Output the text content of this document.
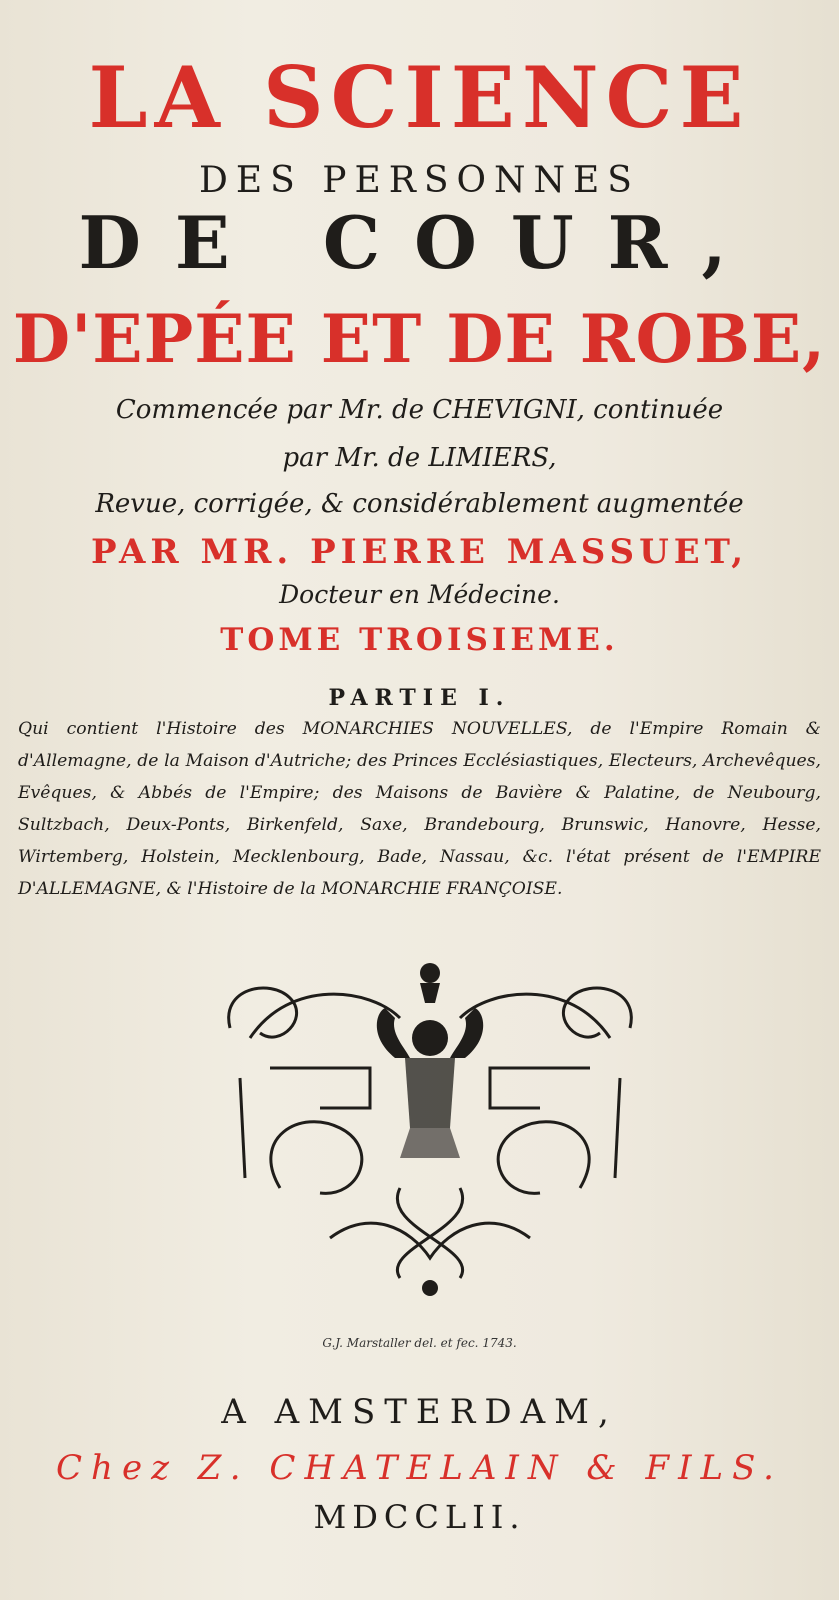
LA SCIENCE
DES PERSONNES
DE COUR,
D'EPÉE ET DE ROBE,
Commencée par Mr. de CHEVIGNI, continuée
par Mr. de LIMIERS,
Revue, corrigée, & considérablement augmentée
PAR MR. PIERRE MASSUET,
Docteur en Médecine.
TOME TROISIEME.
PARTIE I.
Qui contient l'Histoire des MONARCHIES NOUVELLES, de l'Empire Romain & d'Allemagne, de la Maison d'Autriche; des Princes Ecclésiastiques, Electeurs, Archevêques, Evêques, & Abbés de l'Empire; des Maisons de Bavière & Palatine, de Neubourg, Sultzbach, Deux-Ponts, Birkenfeld, Saxe, Brandebourg, Brunswic, Hanovre, Hesse, Wirtemberg, Holstein, Mecklenbourg, Bade, Nassau, &c. l'état présent de l'EMPIRE D'ALLEMAGNE, & l'Histoire de la MONARCHIE FRANÇOISE.
G.J. Marstaller del. et fec. 1743.
A AMSTERDAM,
Chez Z. CHATELAIN & FILS.
MDCCLII.
